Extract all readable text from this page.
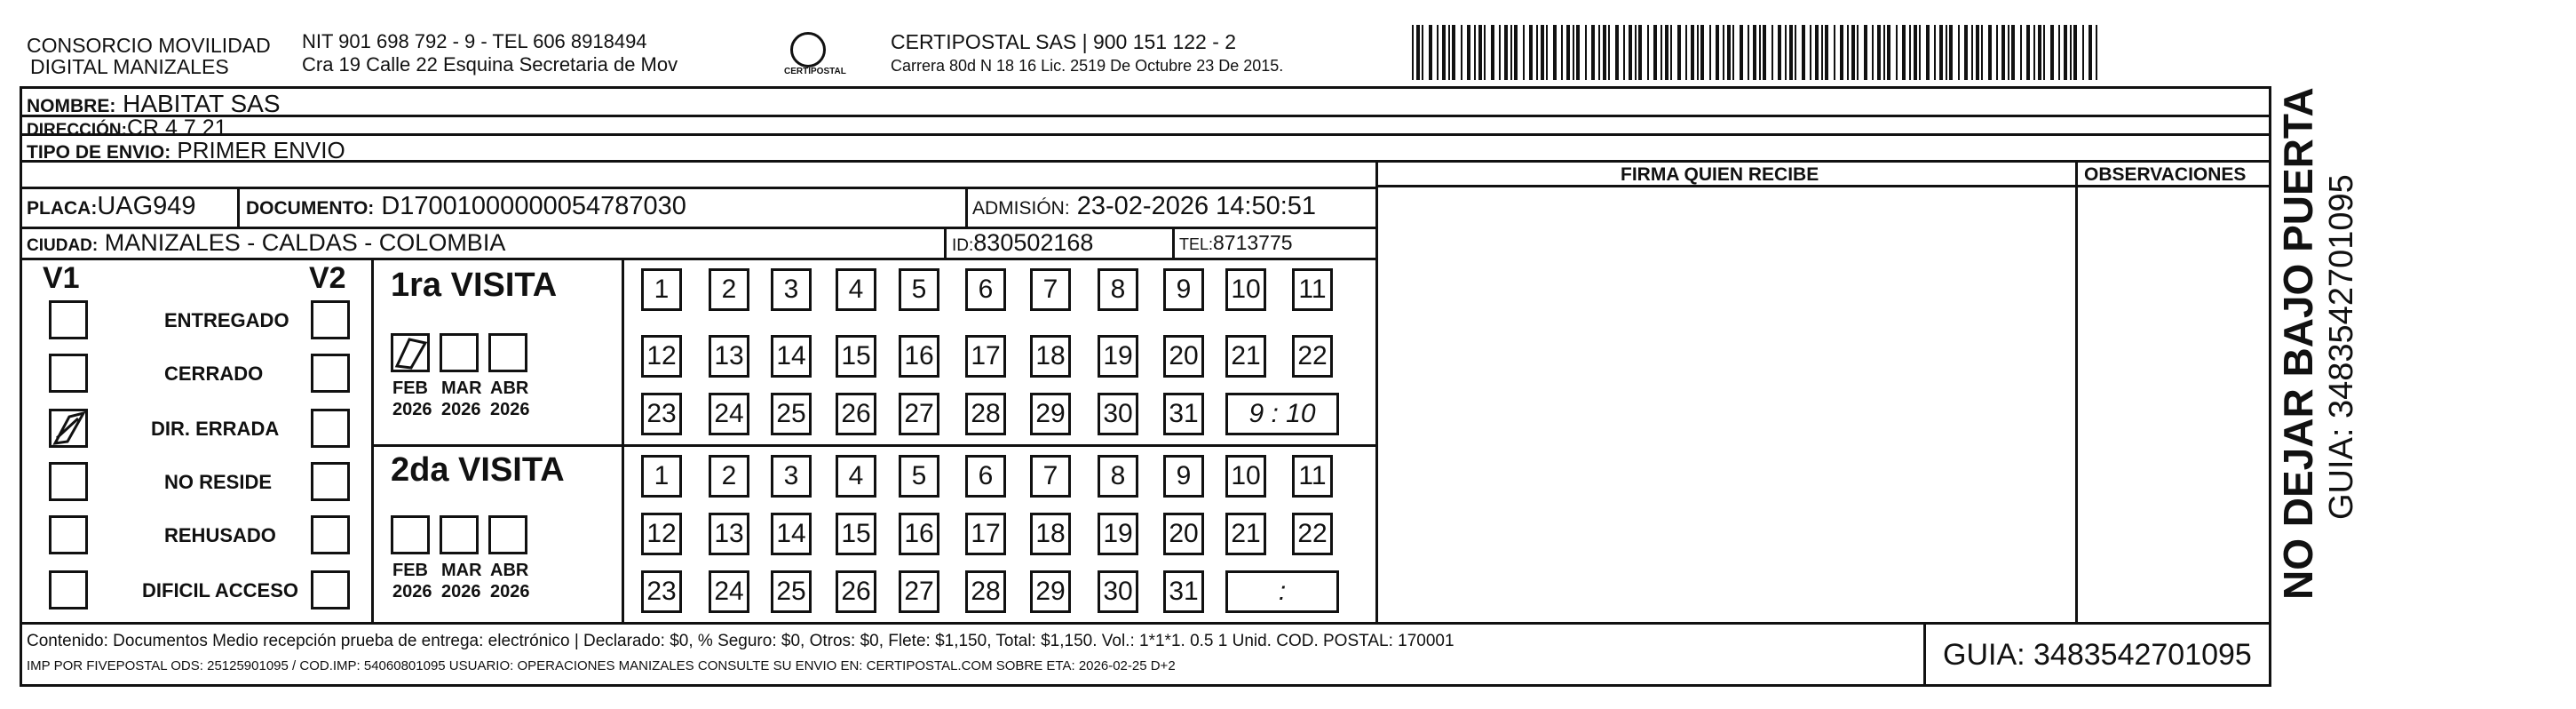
CONSORCIO MOVILIDAD
DIGITAL MANIZALES
NIT 901 698 792 - 9 - TEL 606 8918494
Cra 19 Calle 22 Esquina Secretaria de Mov	CERTIPOSTAL
CERTIPOSTAL SAS | 900 151 122 - 2
Carrera 80d N 18 16 Lic. 2519 De Octubre 23 De 2015.
NOMBRE: HABITAT SAS
DIRECCIÓN:CR 4 7 21
TIPO DE ENVIO: PRIMER ENVIO
FIRMA QUIEN RECIBE	OBSERVACIONES
PLACA:UAG949	DOCUMENTO: D17001000000054787030	ADMISIÓN: 23-02-2026 14:50:51
CIUDAD: MANIZALES - CALDAS - COLOMBIA	ID:830502168	TEL:8713775
V1	V2
ENTREGADO
CERRADO
DIR. ERRADA
NO RESIDE
REHUSADO
DIFICIL ACCESO
1ra VISITA
2da VISITA
FEB
2026
MAR
2026
ABR
2026
FEB
2026
MAR
2026
ABR
2026
1	2	3	4	5	6	7	8	9	10 11
12 13 14 15 16 17 18 19 20 21 22
23 24 25 26 27 28 29 30 31	9 : 10
1	2	3	4	5	6	7	8	9	10 11
12 13 14 15 16 17 18 19 20 21 22
23 24 25 26 27 28 29 30 31	:
Contenido: Documentos Medio recepción prueba de entrega: electrónico | Declarado: $0, % Seguro: $0, Otros: $0, Flete: $1,150, Total: $1,150. Vol.: 1*1*1. 0.5 1 Unid. COD. POSTAL: 170001
IMP POR FIVEPOSTAL ODS: 25125901095 / COD.IMP: 54060801095 USUARIO: OPERACIONES MANIZALES CONSULTE SU ENVIO EN: CERTIPOSTAL.COM SOBRE ETA: 2026-02-25 D+2	GUIA: 3483542701095
NO DEJAR BAJO PUERTA GUIA: 3483542701095
